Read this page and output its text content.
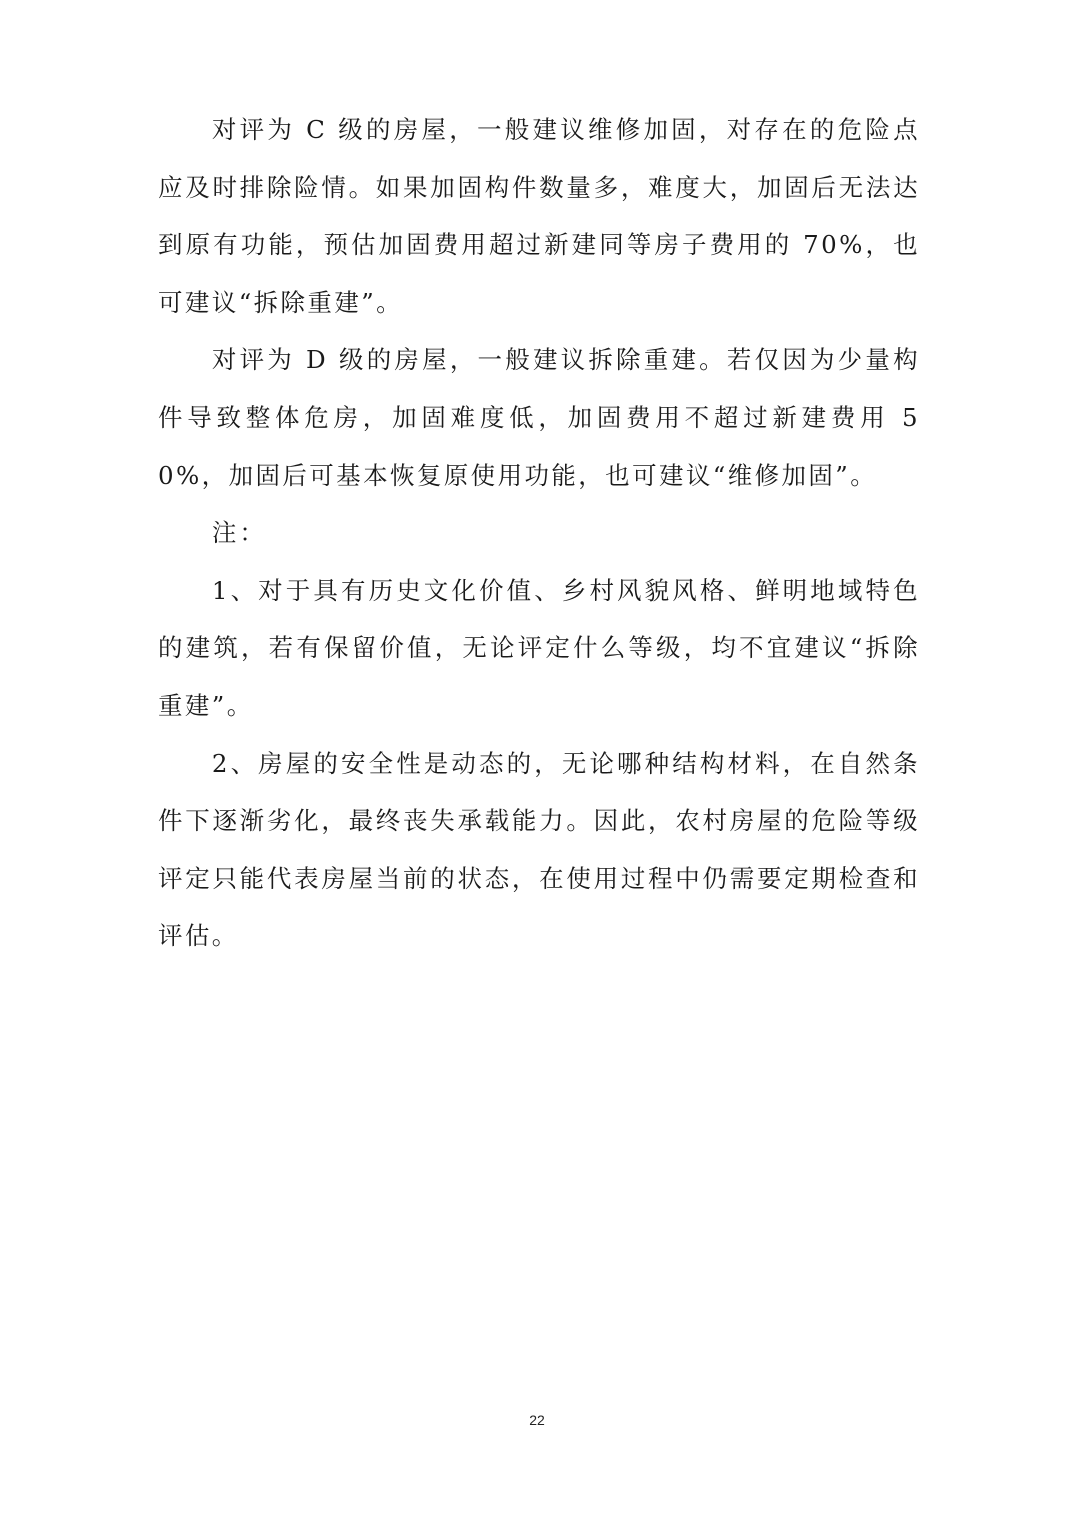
对评为 C 级的房屋，一般建议维修加固，对存在的危险点应及时排除险情。如果加固构件数量多，难度大，加固后无法达到原有功能，预估加固费用超过新建同等房子费用的 70%，也可建议“拆除重建”。

对评为 D 级的房屋，一般建议拆除重建。若仅因为少量构件导致整体危房，加固难度低，加固费用不超过新建费用 50%，加固后可基本恢复原使用功能，也可建议“维修加固”。

注：

1、对于具有历史文化价值、乡村风貌风格、鲜明地域特色的建筑，若有保留价值，无论评定什么等级，均不宜建议“拆除重建”。

2、房屋的安全性是动态的，无论哪种结构材料，在自然条件下逐渐劣化，最终丧失承载能力。因此，农村房屋的危险等级评定只能代表房屋当前的状态，在使用过程中仍需要定期检查和评估。

22
